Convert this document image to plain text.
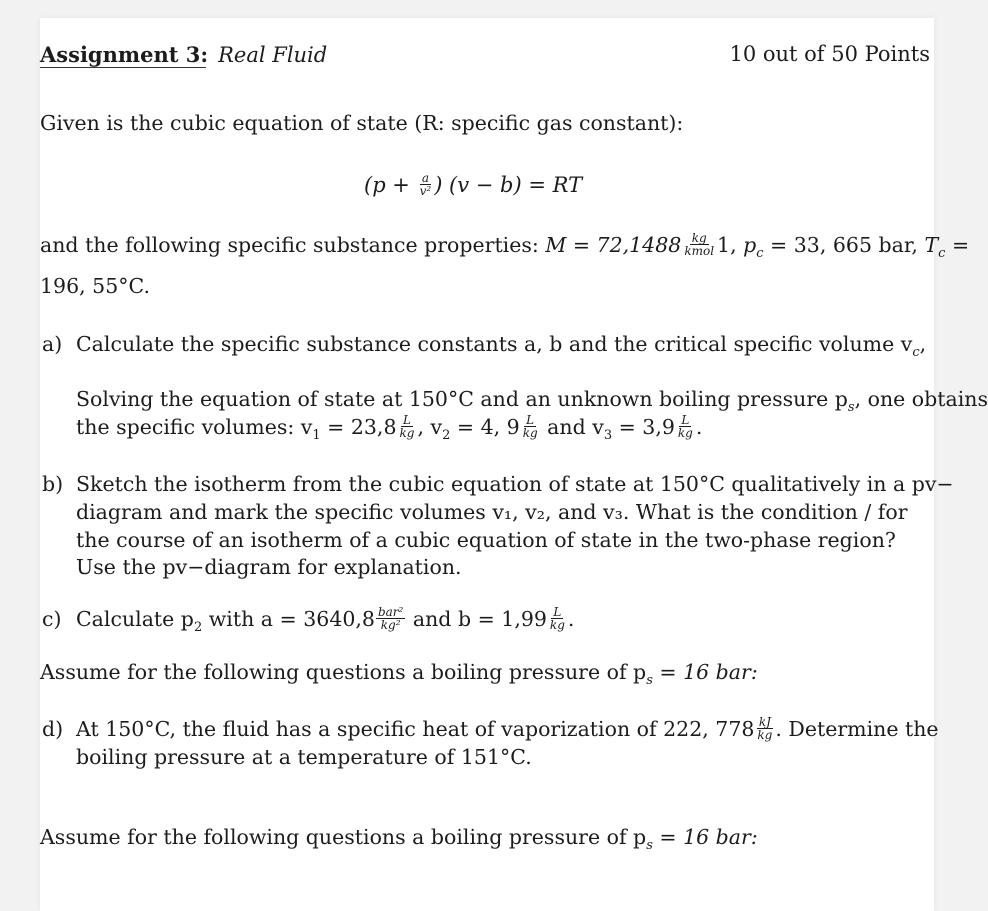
Assignment 3: Real Fluid	10 out of 50 Points
Given is the cubic equation of state (R: specific gas constant):
($p + \frac{a}{\text{v²}}$ ) (v − b) = RT
and the following specific substance properties: $M = 72,1488 \frac{kg}{\text{kmol}} 1$, $p_c = 33$, 665 bar, $T_c$ =
196, 55°C.
a) Calculate the specific substance constants a, b and the critical specific volume $v_c$,
Solving the equation of state at 150°C and an unknown boiling pressure $p_s$, one obtains
the specific volumes: $v_1 = 23,8 \frac{L}{kg}$ , $v_2 = 4$, $9 \frac{L}{kg}$ and $v_3 = 3,9 \frac{L}{kg}$ .
b) Sketch the isotherm from the cubic equation of state at 150°C qualitatively in a pv−
diagram and mark the specific volumes v₁, v₂, and v₃. What is the condition / for
the course of an isotherm of a cubic equation of state in the two-phase region?
Use the pv−diagram for explanation.
c) Calculate $p_2$ with $a = 3640,8 \frac{\text{bar²}}{\text{kg²}}$ and $b = 1,99 \frac{L}{kg}$ .
Assume for the following questions a boiling pressure of $p_s = 16$ bar:
d) At 150°C, the fluid has a specific heat of vaporization of 222, $778 \frac{kJ}{kg}$ . Determine the
boiling pressure at a temperature of 151°C.
Assume for the following questions a boiling pressure of $p_s = 16$ bar:
